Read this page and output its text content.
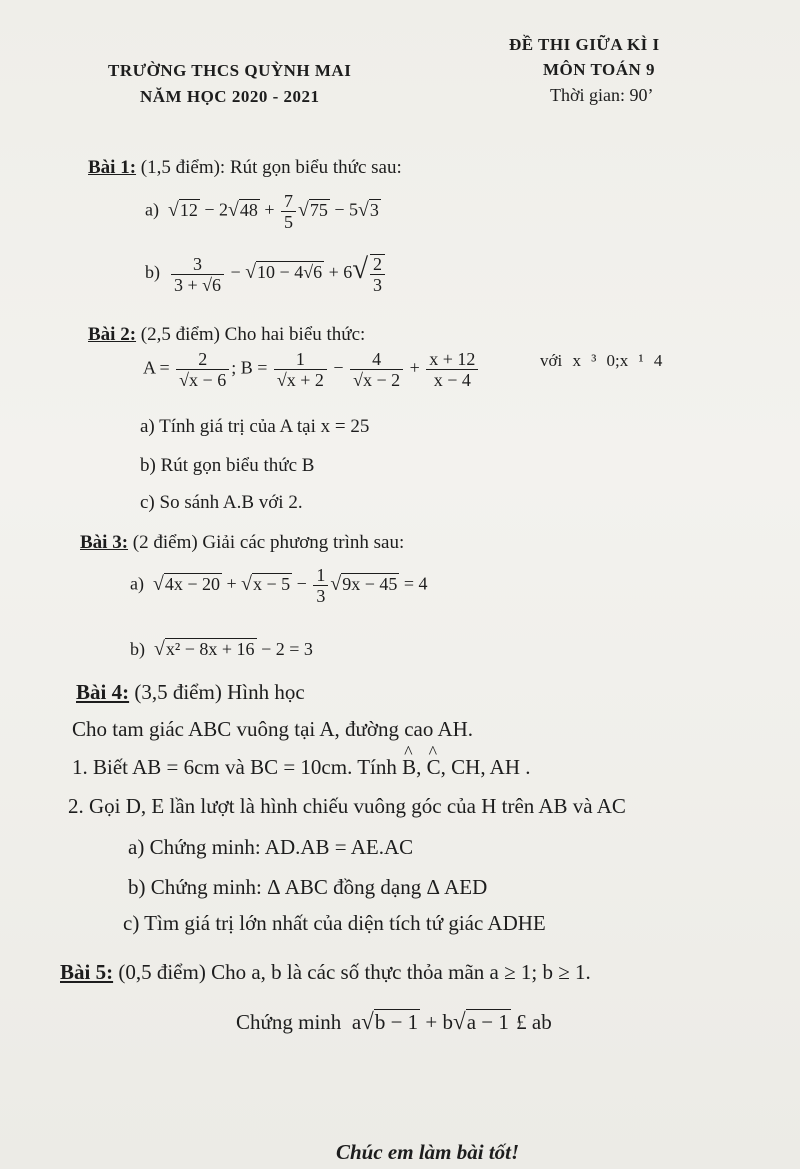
TRƯỜNG THCS QUỲNH MAI
NĂM HỌC 2020 - 2021
ĐỀ THI GIỮA KÌ I
MÔN TOÁN 9
Thời gian: 90’
Bài 1: (1,5 điểm): Rút gọn biểu thức sau:
a) $√12 - 2√48 + \frac{7}{5} √75 - 5√3$
$b) \frac{3}{3 + √6} - √10 - 4√6 + 6√ \frac{2}{3}$
Bài 2: (2,5 điểm) Cho hai biểu thức:
$A = \frac{2}{√x - 6}$ ; $B = \frac{1}{√x + 2} - \frac{4}{√x - 2} + \frac{x + 12}{x - 4}$	với x ³ 0;x ¹ 4
a) Tính giá trị của A tại x = 25
b) Rút gọn biểu thức B
c) So sánh A.B với 2.
Bài 3: (2 điểm) Giải các phương trình sau:
a) $√4x - 20 + √x - 5 - \frac{1}{3} √9x - 45 = 4$
b) √x² − 8x + 16 − 2 = 3
Bài 4: (3,5 điểm) Hình học
Cho tam giác ABC vuông tại A, đường cao AH.
1. Biết AB = 6cm và BC = 10cm. Tính ^ B, ^ C, CH, AH .
2. Gọi D, E lần lượt là hình chiếu vuông góc của H trên AB và AC
a) Chứng minh: AD.AB = AE.AC
b) Chứng minh: Δ ABC đồng dạng Δ AED
c) Tìm giá trị lớn nhất của diện tích tứ giác ADHE
Bài 5: (0,5 điểm) Cho a, b là các số thực thỏa mãn a ≥ 1; b ≥ 1.
Chứng minh  a√b − 1 + b√a − 1 £ ab
Chúc em làm bài tốt!
